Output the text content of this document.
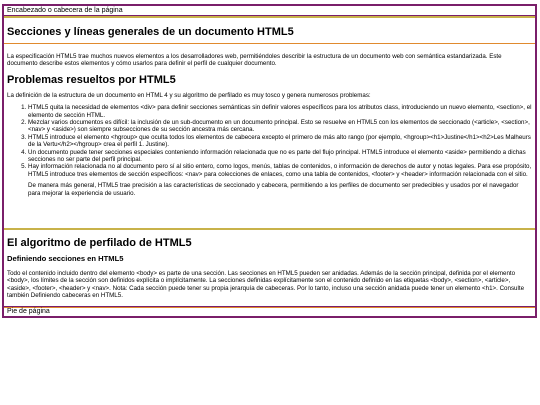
Encabezado o cabecera de la página
Secciones y líneas generales de un documento HTML5

La especificación HTML5 trae muchos nuevos elementos a los desarrolladores web, permitiéndoles describir la estructura de un documento web con semántica estandarizada. Este documento describe estos elementos y cómo usarlos para definir el perfil de cualquier documento.

Problemas resueltos por HTML5

La definición de la estructura de un documento en HTML 4 y su algoritmo de perfilado es muy tosco y genera numerosos problemas:

1. HTML5 quita la necesidad de elementos <div> para definir secciones semánticas sin definir valores específicos para los atributos class, introduciendo un nuevo elemento, <section>, el elemento de sección HTML.
2. Mezclar varios documentos es difícil: la inclusión de un sub-documento en un documento principal. Esto se resuelve en HTML5 con los elementos de seccionado (<article>, <section>, <nav> y <aside>) son siempre subsecciones de su sección ancestra más cercana.
3. HTML5 introduce el elemento <hgroup> que oculta todos los elementos de cabecera excepto el primero de más alto rango (por ejemplo, <hgroup><h1>Justine</h1><h2>Les Malheurs de la Vertu</h2></hgroup> crea el perfil 1. Justine).
4. Un documento puede tener secciones especiales conteniendo información relacionada que no es parte del flujo principal. HTML5 introduce el elemento <aside> permitiendo a dichas secciones no ser parte del perfil principal.
5. Hay información relacionada no al documento pero sí al sitio entero, como logos, menús, tablas de contenidos, o información de derechos de autor y notas legales. Para ese propósito, HTML5 introduce tres elementos de sección específicos: <nav> para colecciones de enlaces, como una tabla de contenidos, <footer> y <header> información relacionada con el sitio.

De manera más general, HTML5 trae precisión a las características de seccionado y cabecera, permitiendo a los perfiles de documento ser predecibles y usados por el navegador para mejorar la experiencia de usuario.

El algoritmo de perfilado de HTML5
Definiendo secciones en HTML5

Todo el contenido incluido dentro del elemento <body> es parte de una sección. Las secciones en HTML5 pueden ser anidadas. Además de la sección principal, definida por el elemento <body>, los límites de la sección son definidos explícita o implícitamente. La secciones definidas explícitamente son el contenido definido en las etiquetas <body>, <section>, <article>, <aside>, <footer>, <header> y <nav>. Nota: Cada sección puede tener su propia jerarquía de cabeceras. Por lo tanto, incluso una sección anidada puede tener un elemento <h1>. Consulte también Definiendo cabeceras en HTML5.

Pie de página
